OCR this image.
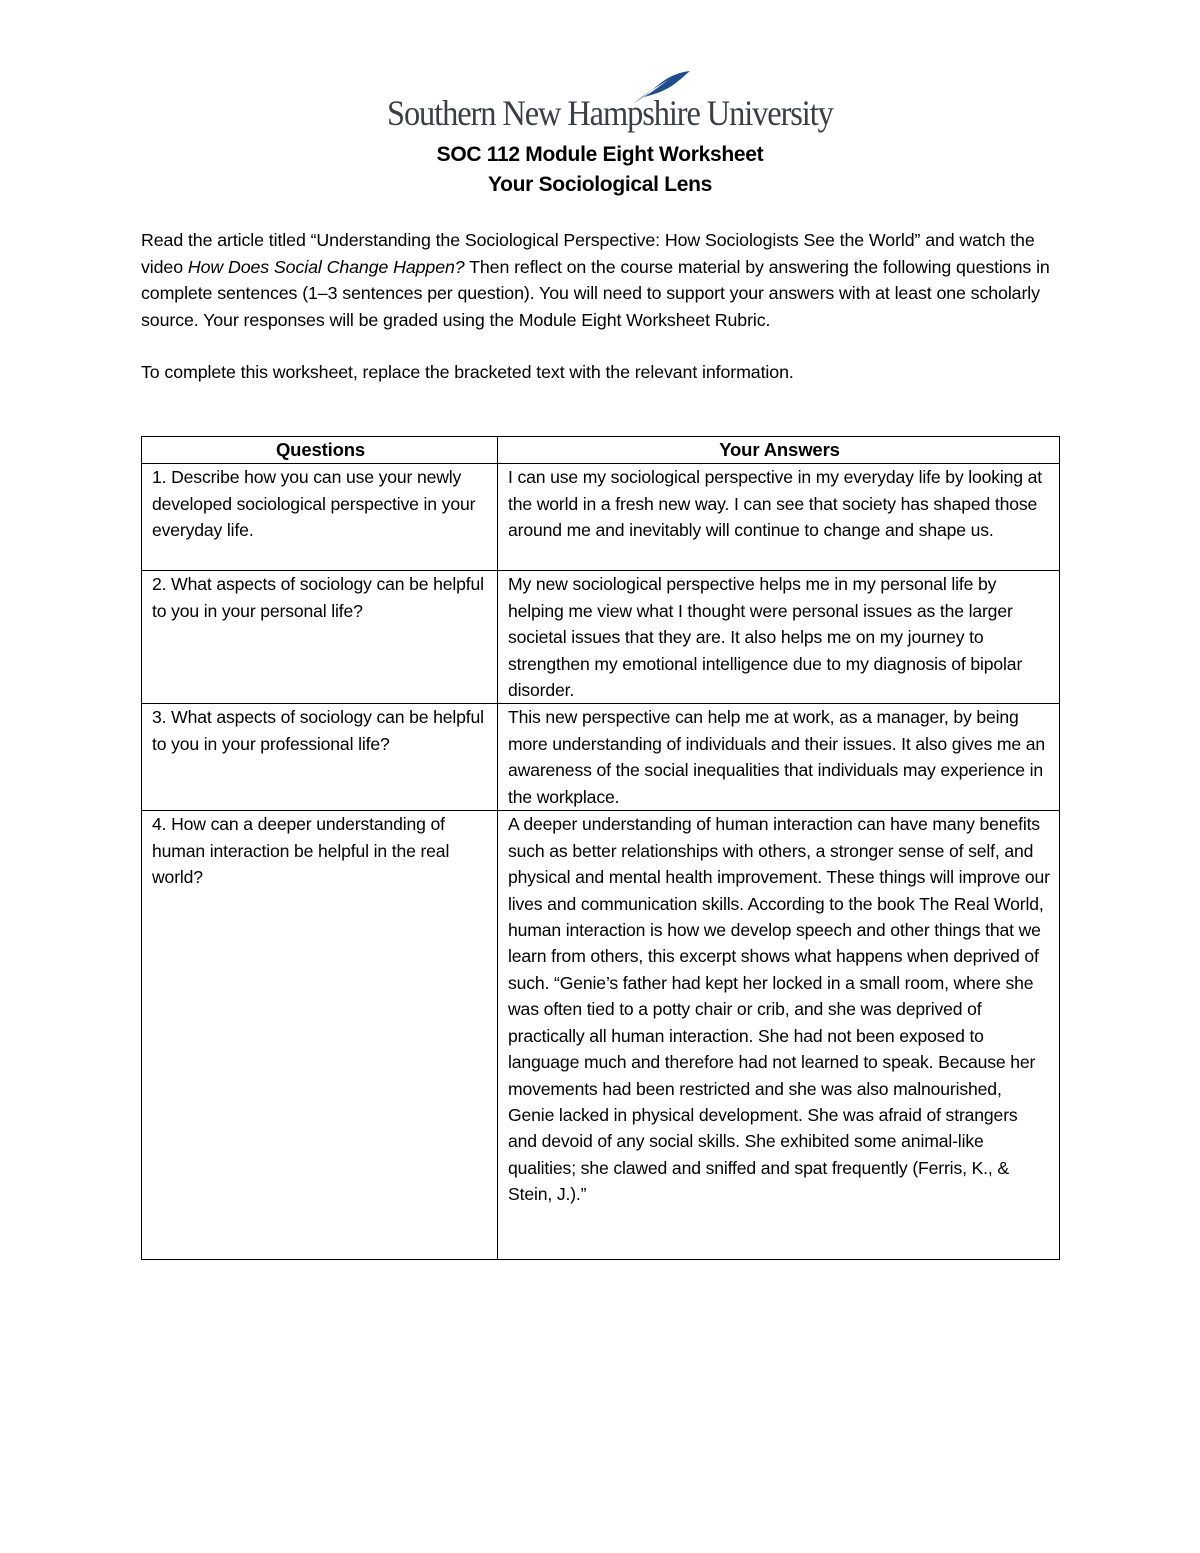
Southern New Hampshire University
SOC 112 Module Eight Worksheet
Your Sociological Lens

Read the article titled “Understanding the Sociological Perspective: How Sociologists See the World” and watch the video How Does Social Change Happen? Then reflect on the course material by answering the following questions in complete sentences (1–3 sentences per question). You will need to support your answers with at least one scholarly source. Your responses will be graded using the Module Eight Worksheet Rubric.

To complete this worksheet, replace the bracketed text with the relevant information.

Questions	Your Answers
1. Describe how you can use your newly developed sociological perspective in your everyday life.	I can use my sociological perspective in my everyday life by looking at the world in a fresh new way. I can see that society has shaped those around me and inevitably will continue to change and shape us.
2. What aspects of sociology can be helpful to you in your personal life?	My new sociological perspective helps me in my personal life by helping me view what I thought were personal issues as the larger societal issues that they are. It also helps me on my journey to strengthen my emotional intelligence due to my diagnosis of bipolar disorder.
3. What aspects of sociology can be helpful to you in your professional life?	This new perspective can help me at work, as a manager, by being more understanding of individuals and their issues. It also gives me an awareness of the social inequalities that individuals may experience in the workplace.
4. How can a deeper understanding of human interaction be helpful in the real world?	A deeper understanding of human interaction can have many benefits such as better relationships with others, a stronger sense of self, and physical and mental health improvement. These things will improve our lives and communication skills. According to the book The Real World, human interaction is how we develop speech and other things that we learn from others, this excerpt shows what happens when deprived of such. “Genie’s father had kept her locked in a small room, where she was often tied to a potty chair or crib, and she was deprived of practically all human interaction. She had not been exposed to language much and therefore had not learned to speak. Because her movements had been restricted and she was also malnourished, Genie lacked in physical development. She was afraid of strangers and devoid of any social skills. She exhibited some animal-like qualities; she clawed and sniffed and spat frequently (Ferris, K., & Stein, J.).”
